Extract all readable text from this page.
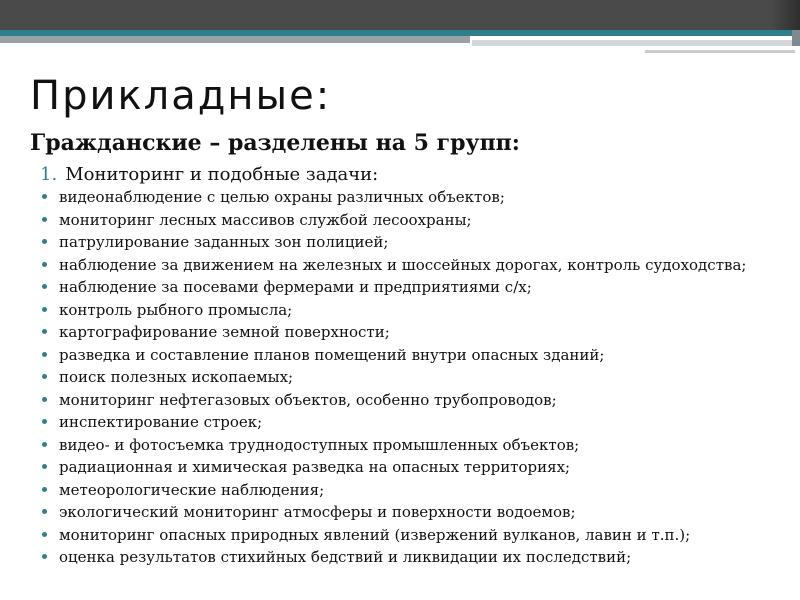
Прикладные:
Гражданские – разделены на 5 групп:
1. Мониторинг и подобные задачи:
видеонаблюдение с целью охраны различных объектов;
мониторинг лесных массивов службой лесоохраны;
патрулирование заданных зон полицией;
наблюдение за движением на железных и шоссейных дорогах, контроль судоходства;
наблюдение за посевами фермерами и предприятиями с/х;
контроль рыбного промысла;
картографирование земной поверхности;
разведка и составление планов помещений внутри опасных зданий;
поиск полезных ископаемых;
мониторинг нефтегазовых объектов, особенно трубопроводов;
инспектирование строек;
видео- и фотосъемка труднодоступных промышленных объектов;
радиационная и химическая разведка на опасных территориях;
метеорологические наблюдения;
экологический мониторинг атмосферы и поверхности водоемов;
мониторинг опасных природных явлений (извержений вулканов, лавин и т.п.);
оценка результатов стихийных бедствий и ликвидации их последствий;
